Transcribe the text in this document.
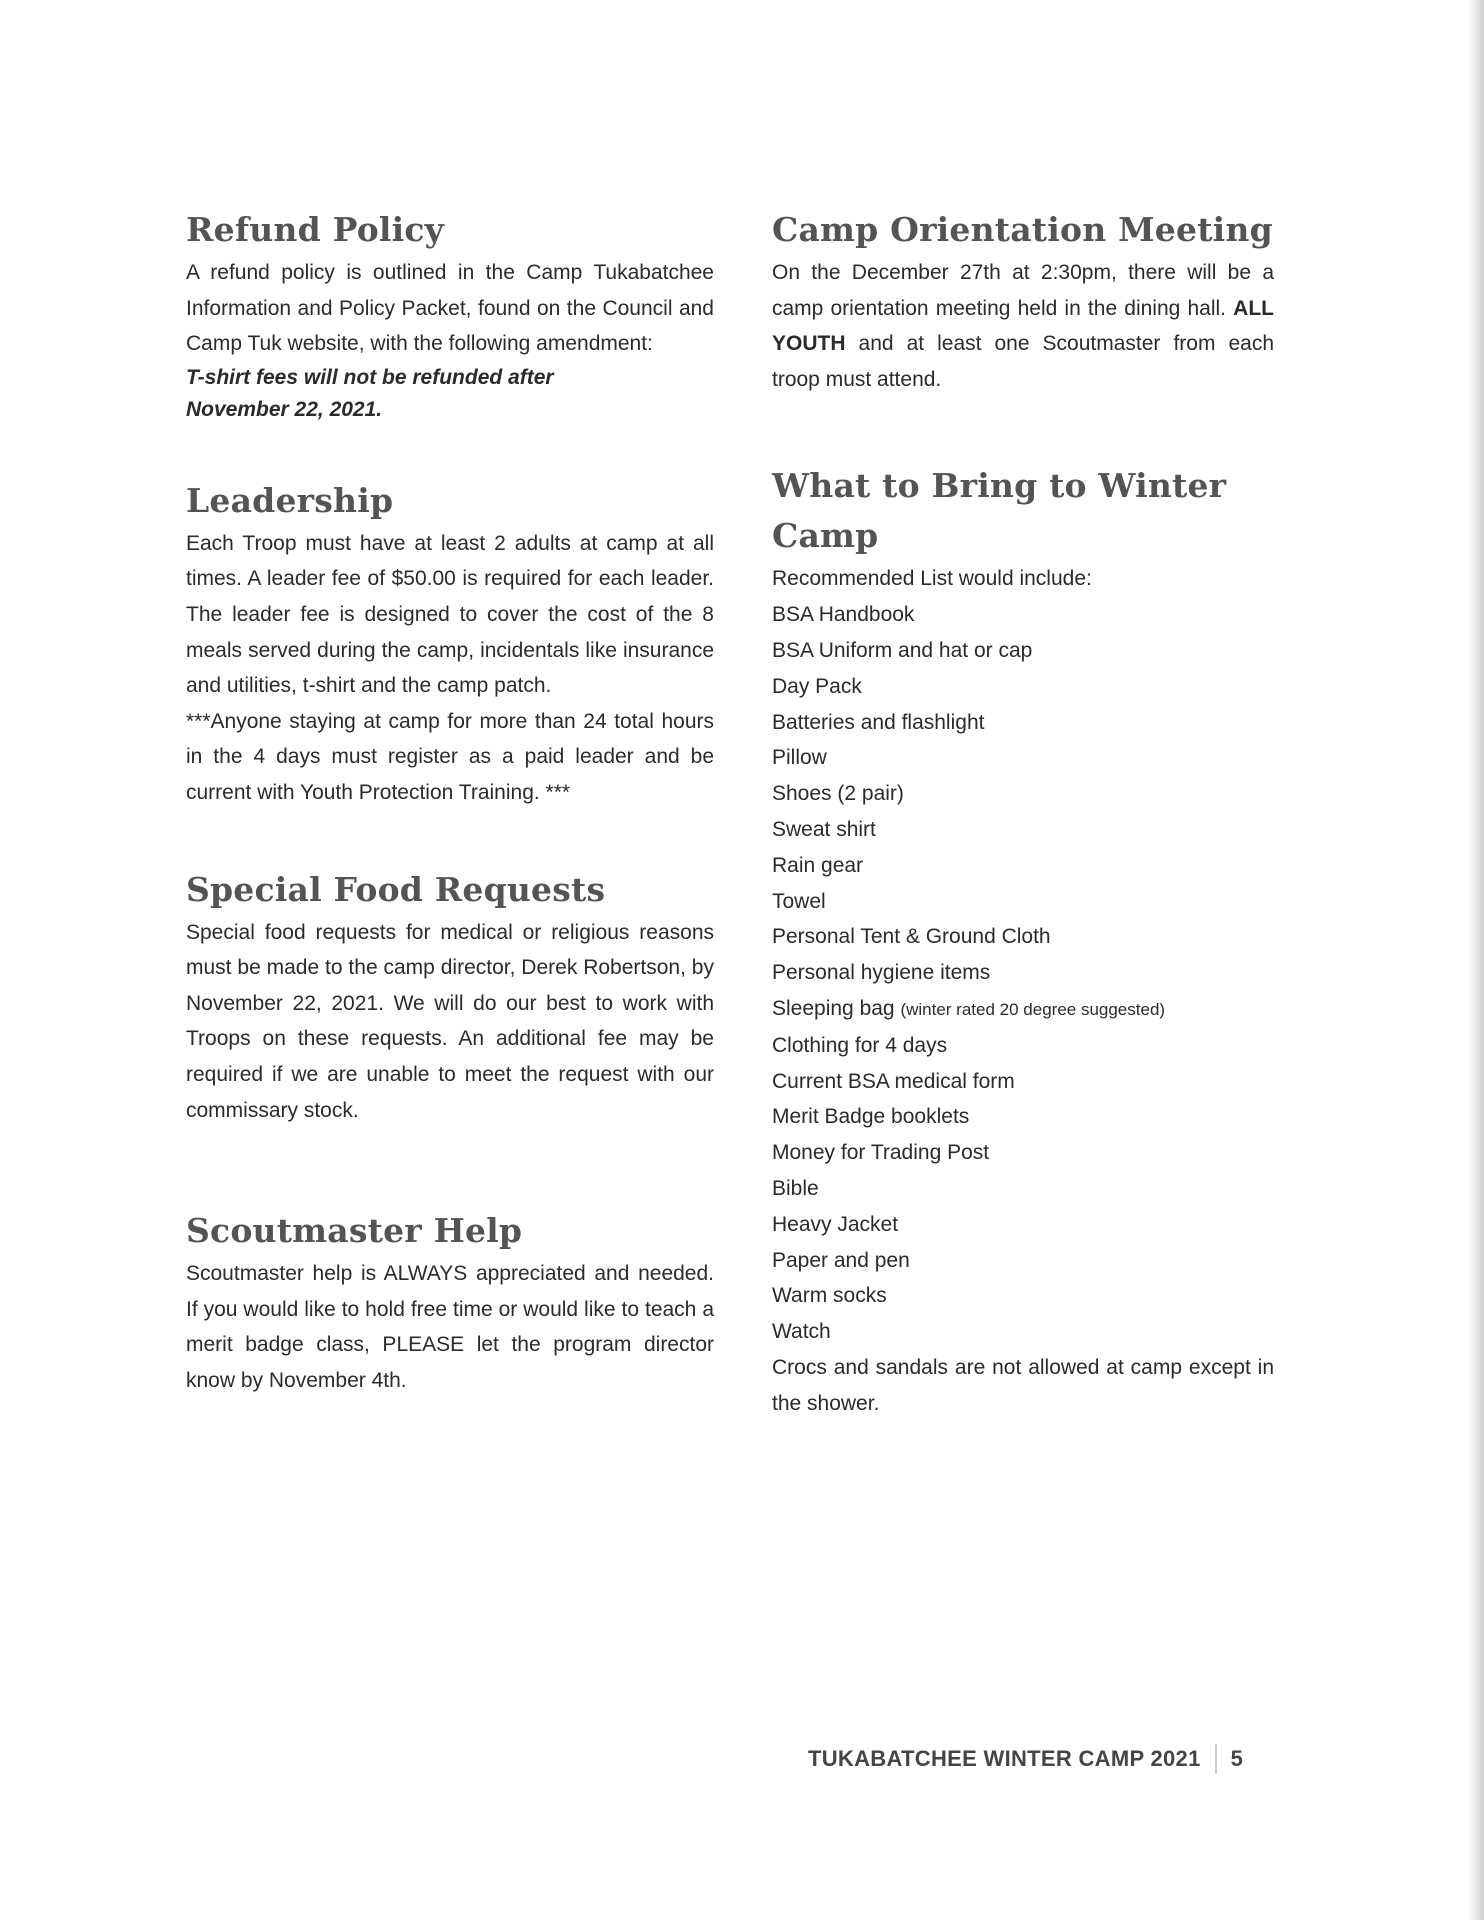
Refund Policy

A refund policy is outlined in the Camp Tukabatchee Information and Policy Packet, found on the Council and Camp Tuk website, with the following amendment:

T-shirt fees will not be refunded after
November 22, 2021.

Leadership

Each Troop must have at least 2 adults at camp at all times. A leader fee of $50.00 is required for each leader. The leader fee is designed to cover the cost of the 8 meals served during the camp, incidentals like insurance and utilities, t-shirt and the camp patch.

***Anyone staying at camp for more than 24 total hours in the 4 days must register as a paid leader and be current with Youth Protection Training. ***

Special Food Requests

Special food requests for medical or religious reasons must be made to the camp director, Derek Robertson, by November 22, 2021. We will do our best to work with Troops on these requests. An additional fee may be required if we are unable to meet the request with our commissary stock.

Scoutmaster Help

Scoutmaster help is ALWAYS appreciated and needed. If you would like to hold free time or would like to teach a merit badge class, PLEASE let the program director know by November 4th.

Camp Orientation Meeting

On the December 27th at 2:30pm, there will be a camp orientation meeting held in the dining hall. ALL YOUTH and at least one Scoutmaster from each troop must attend.

What to Bring to Winter
Camp
Recommended List would include:
BSA Handbook
BSA Uniform and hat or cap
Day Pack
Batteries and flashlight
Pillow
Shoes (2 pair)
Sweat shirt
Rain gear
Towel
Personal Tent & Ground Cloth
Personal hygiene items
Sleeping bag (winter rated 20 degree suggested)
Clothing for 4 days
Current BSA medical form
Merit Badge booklets
Money for Trading Post
Bible
Heavy Jacket
Paper and pen
Warm socks
Watch

Crocs and sandals are not allowed at camp except in the shower.

TUKABATCHEE WINTER CAMP 2021 5
